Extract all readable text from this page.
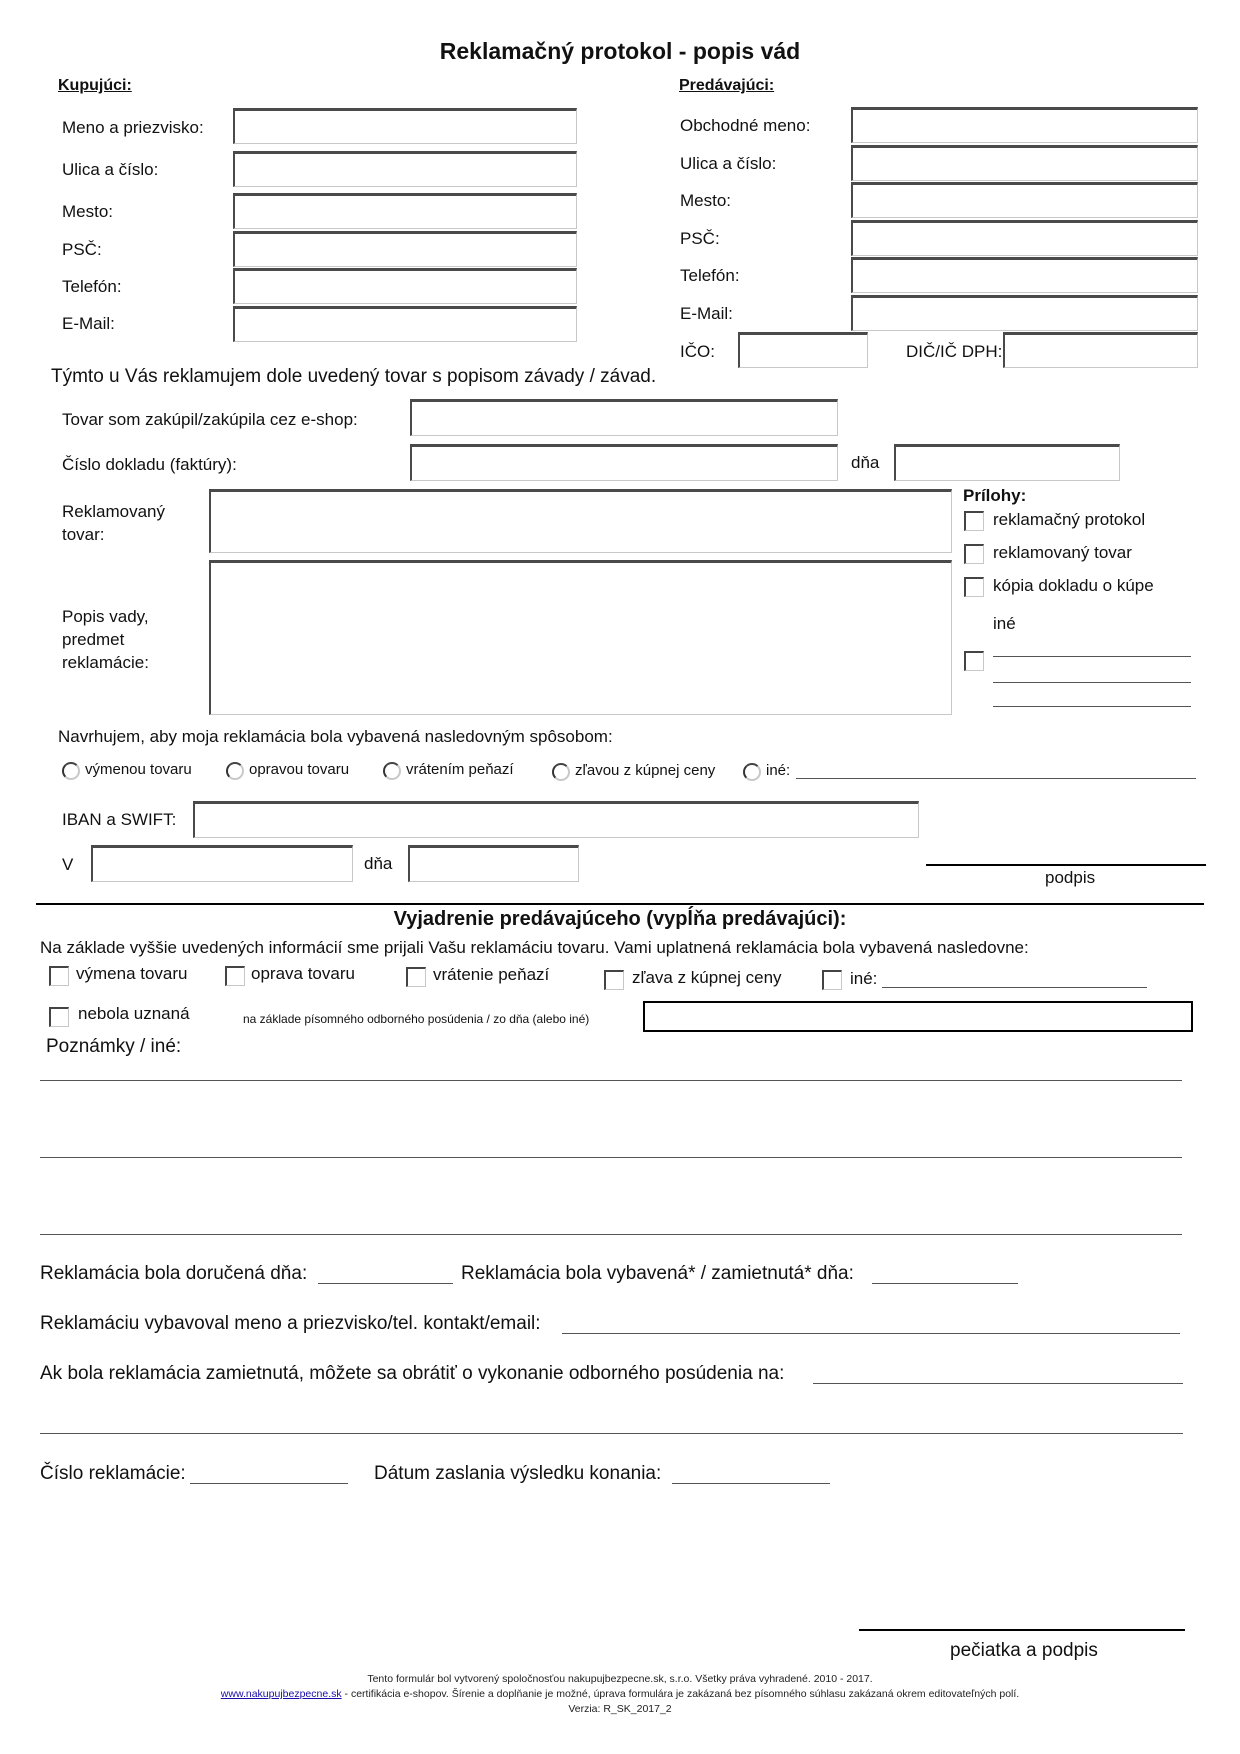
Reklamačný protokol - popis vád
Kupujúci:
Meno a priezvisko:
Ulica a číslo:
Mesto:
PSČ:
Telefón:
E-Mail:
Predávajúci:
Obchodné meno:
Ulica a číslo:
Mesto:
PSČ:
Telefón:
E-Mail:
IČO:	DIČ/IČ DPH:
Týmto u Vás reklamujem dole uvedený tovar s popisom závady / závad.
Tovar som zakúpil/zakúpila cez e-shop:
Číslo dokladu (faktúry):	dňa
Reklamovaný
tovar:
Popis vady,
predmet
reklamácie:
Prílohy:
reklamačný protokol
reklamovaný tovar
kópia dokladu o kúpe
iné
Navrhujem, aby moja reklamácia bola vybavená nasledovným spôsobom:
výmenou tovaru	opravou tovaru	vrátením peňazí	zľavou z kúpnej ceny	iné:
IBAN a SWIFT:
V	dňa
podpis
Vyjadrenie predávajúceho (vypĺňa predávajúci):
Na základe vyššie uvedených informácií sme prijali Vašu reklamáciu tovaru. Vami uplatnená reklamácia bola vybavená nasledovne:
výmena tovaru	oprava tovaru	vrátenie peňazí	zľava z kúpnej ceny	iné:
nebola uznaná	na základe písomného odborného posúdenia / zo dňa (alebo iné)
Poznámky / iné:
Reklamácia bola doručená dňa:	Reklamácia bola vybavená* / zamietnutá* dňa:
Reklamáciu vybavoval meno a priezvisko/tel. kontakt/email:
Ak bola reklamácia zamietnutá, môžete sa obrátiť o vykonanie odborného posúdenia na:
Číslo reklamácie:	Dátum zaslania výsledku konania:
pečiatka a podpis
Tento formulár bol vytvorený spoločnosťou nakupujbezpecne.sk, s.r.o. Všetky práva vyhradené. 2010 - 2017.
www.nakupujbezpecne.sk - certifikácia e-shopov. Šírenie a doplňanie je možné, úprava formulára je zakázaná bez písomného súhlasu zakázaná okrem editovateľných polí.
Verzia: R_SK_2017_2
